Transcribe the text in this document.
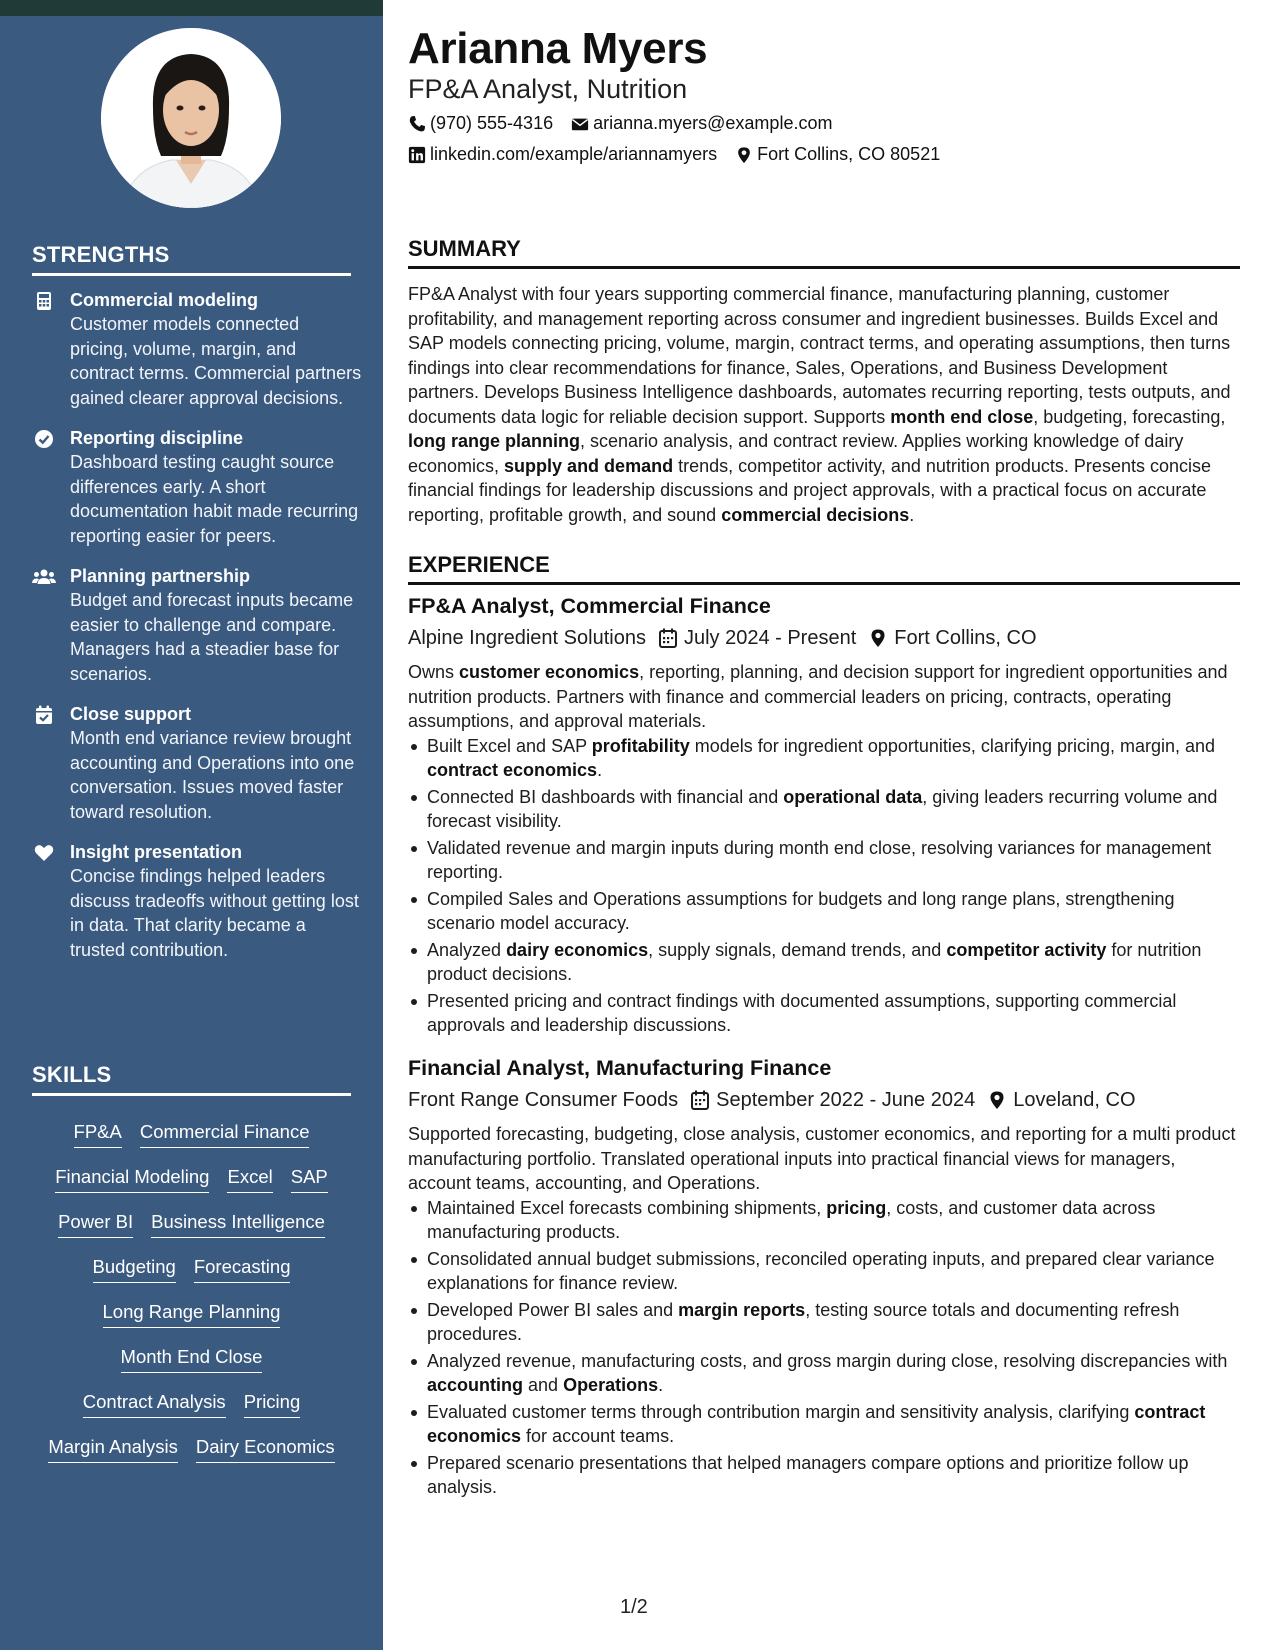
STRENGTHS
Commercial modeling
Customer models connected pricing, volume, margin, and contract terms. Commercial partners gained clearer approval decisions.
Reporting discipline
Dashboard testing caught source differences early. A short documentation habit made recurring reporting easier for peers.
Planning partnership
Budget and forecast inputs became easier to challenge and compare. Managers had a steadier base for scenarios.
Close support
Month end variance review brought accounting and Operations into one conversation. Issues moved faster toward resolution.
Insight presentation
Concise findings helped leaders discuss tradeoffs without getting lost in data. That clarity became a trusted contribution.
SKILLS
FP&A Commercial Finance
Financial Modeling Excel SAP
Power BI Business Intelligence
Budgeting Forecasting
Long Range Planning
Month End Close
Contract Analysis Pricing
Margin Analysis Dairy Economics
Arianna Myers
FP&A Analyst, Nutrition
(970) 555-4316 arianna.myers@example.com
linkedin.com/example/ariannamyers Fort Collins, CO 80521
SUMMARY
FP&A Analyst with four years supporting commercial finance, manufacturing planning, customer profitability, and management reporting across consumer and ingredient businesses. Builds Excel and SAP models connecting pricing, volume, margin, contract terms, and operating assumptions, then turns findings into clear recommendations for finance, Sales, Operations, and Business Development partners. Develops Business Intelligence dashboards, automates recurring reporting, tests outputs, and documents data logic for reliable decision support. Supports month end close, budgeting, forecasting, long range planning, scenario analysis, and contract review. Applies working knowledge of dairy economics, supply and demand trends, competitor activity, and nutrition products. Presents concise financial findings for leadership discussions and project approvals, with a practical focus on accurate reporting, profitable growth, and sound commercial decisions.
EXPERIENCE
FP&A Analyst, Commercial Finance
Alpine Ingredient Solutions July 2024 - Present Fort Collins, CO
Owns customer economics, reporting, planning, and decision support for ingredient opportunities and nutrition products. Partners with finance and commercial leaders on pricing, contracts, operating assumptions, and approval materials.
Built Excel and SAP profitability models for ingredient opportunities, clarifying pricing, margin, and contract economics.
Connected BI dashboards with financial and operational data, giving leaders recurring volume and forecast visibility.
Validated revenue and margin inputs during month end close, resolving variances for management reporting.
Compiled Sales and Operations assumptions for budgets and long range plans, strengthening scenario model accuracy.
Analyzed dairy economics, supply signals, demand trends, and competitor activity for nutrition product decisions.
Presented pricing and contract findings with documented assumptions, supporting commercial approvals and leadership discussions.
Financial Analyst, Manufacturing Finance
Front Range Consumer Foods September 2022 - June 2024 Loveland, CO
Supported forecasting, budgeting, close analysis, customer economics, and reporting for a multi product manufacturing portfolio. Translated operational inputs into practical financial views for managers, account teams, accounting, and Operations.
Maintained Excel forecasts combining shipments, pricing, costs, and customer data across manufacturing products.
Consolidated annual budget submissions, reconciled operating inputs, and prepared clear variance explanations for finance review.
Developed Power BI sales and margin reports, testing source totals and documenting refresh procedures.
Analyzed revenue, manufacturing costs, and gross margin during close, resolving discrepancies with accounting and Operations.
Evaluated customer terms through contribution margin and sensitivity analysis, clarifying contract economics for account teams.
Prepared scenario presentations that helped managers compare options and prioritize follow up analysis.
1/2
